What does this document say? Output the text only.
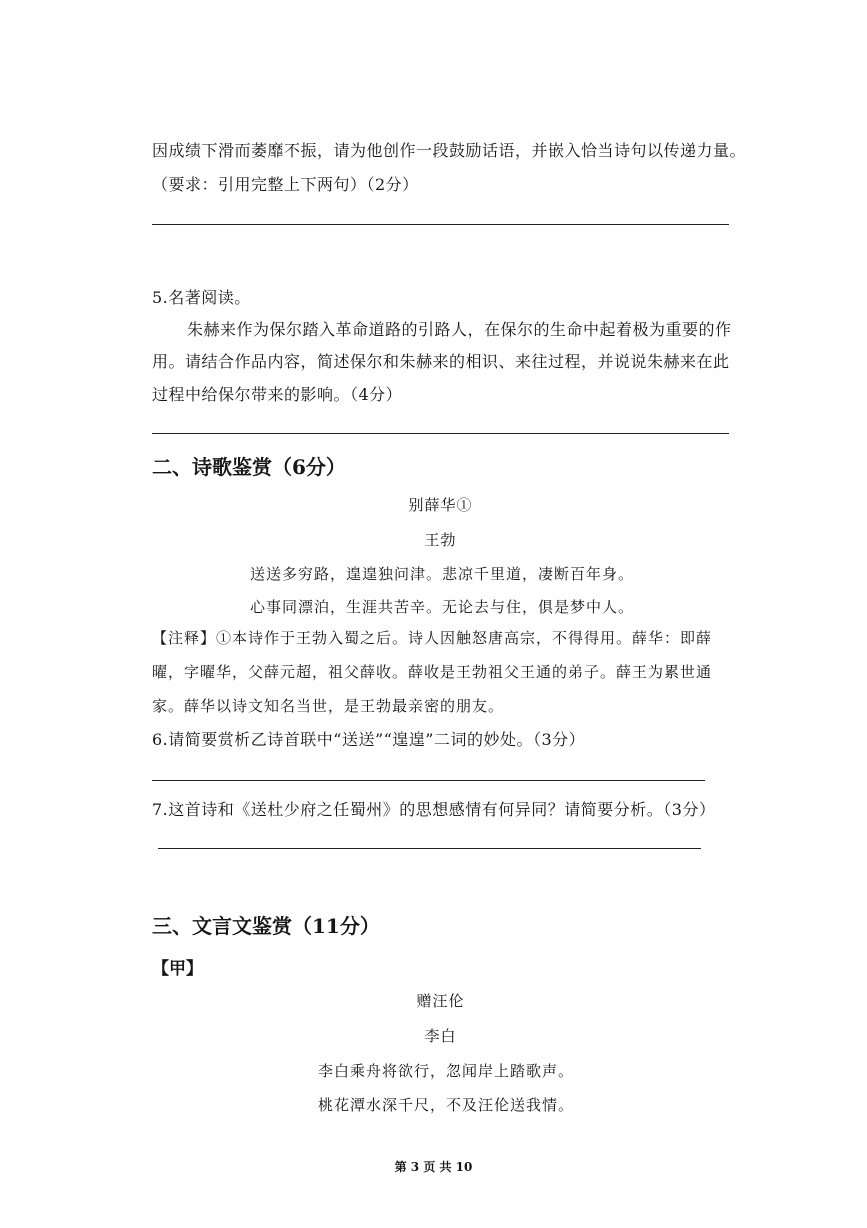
因成绩下滑而萎靡不振，请为他创作一段鼓励话语，并嵌入恰当诗句以传递力量。
（要求：引用完整上下两句）（2分）
5.名著阅读。
朱赫来作为保尔踏入革命道路的引路人，在保尔的生命中起着极为重要的作
用。请结合作品内容，简述保尔和朱赫来的相识、来往过程，并说说朱赫来在此
过程中给保尔带来的影响。（4分）
二、诗歌鉴赏（6分）
别薛华①
王勃
送送多穷路，遑遑独问津。悲凉千里道，凄断百年身。
心事同漂泊，生涯共苦辛。无论去与住，俱是梦中人。
【注释】①本诗作于王勃入蜀之后。诗人因触怒唐高宗，不得得用。薛华：即薛
曜，字曜华，父薛元超，祖父薛收。薛收是王勃祖父王通的弟子。薛王为累世通
家。薛华以诗文知名当世，是王勃最亲密的朋友。
6.请简要赏析乙诗首联中“送送”“遑遑”二词的妙处。（3分）
7.这首诗和《送杜少府之任蜀州》的思想感情有何异同？请简要分析。（3分）
三、文言文鉴赏（11分）
【甲】
赠汪伦
李白
李白乘舟将欲行，忽闻岸上踏歌声。
桃花潭水深千尺，不及汪伦送我情。
第 3 页 共 10
